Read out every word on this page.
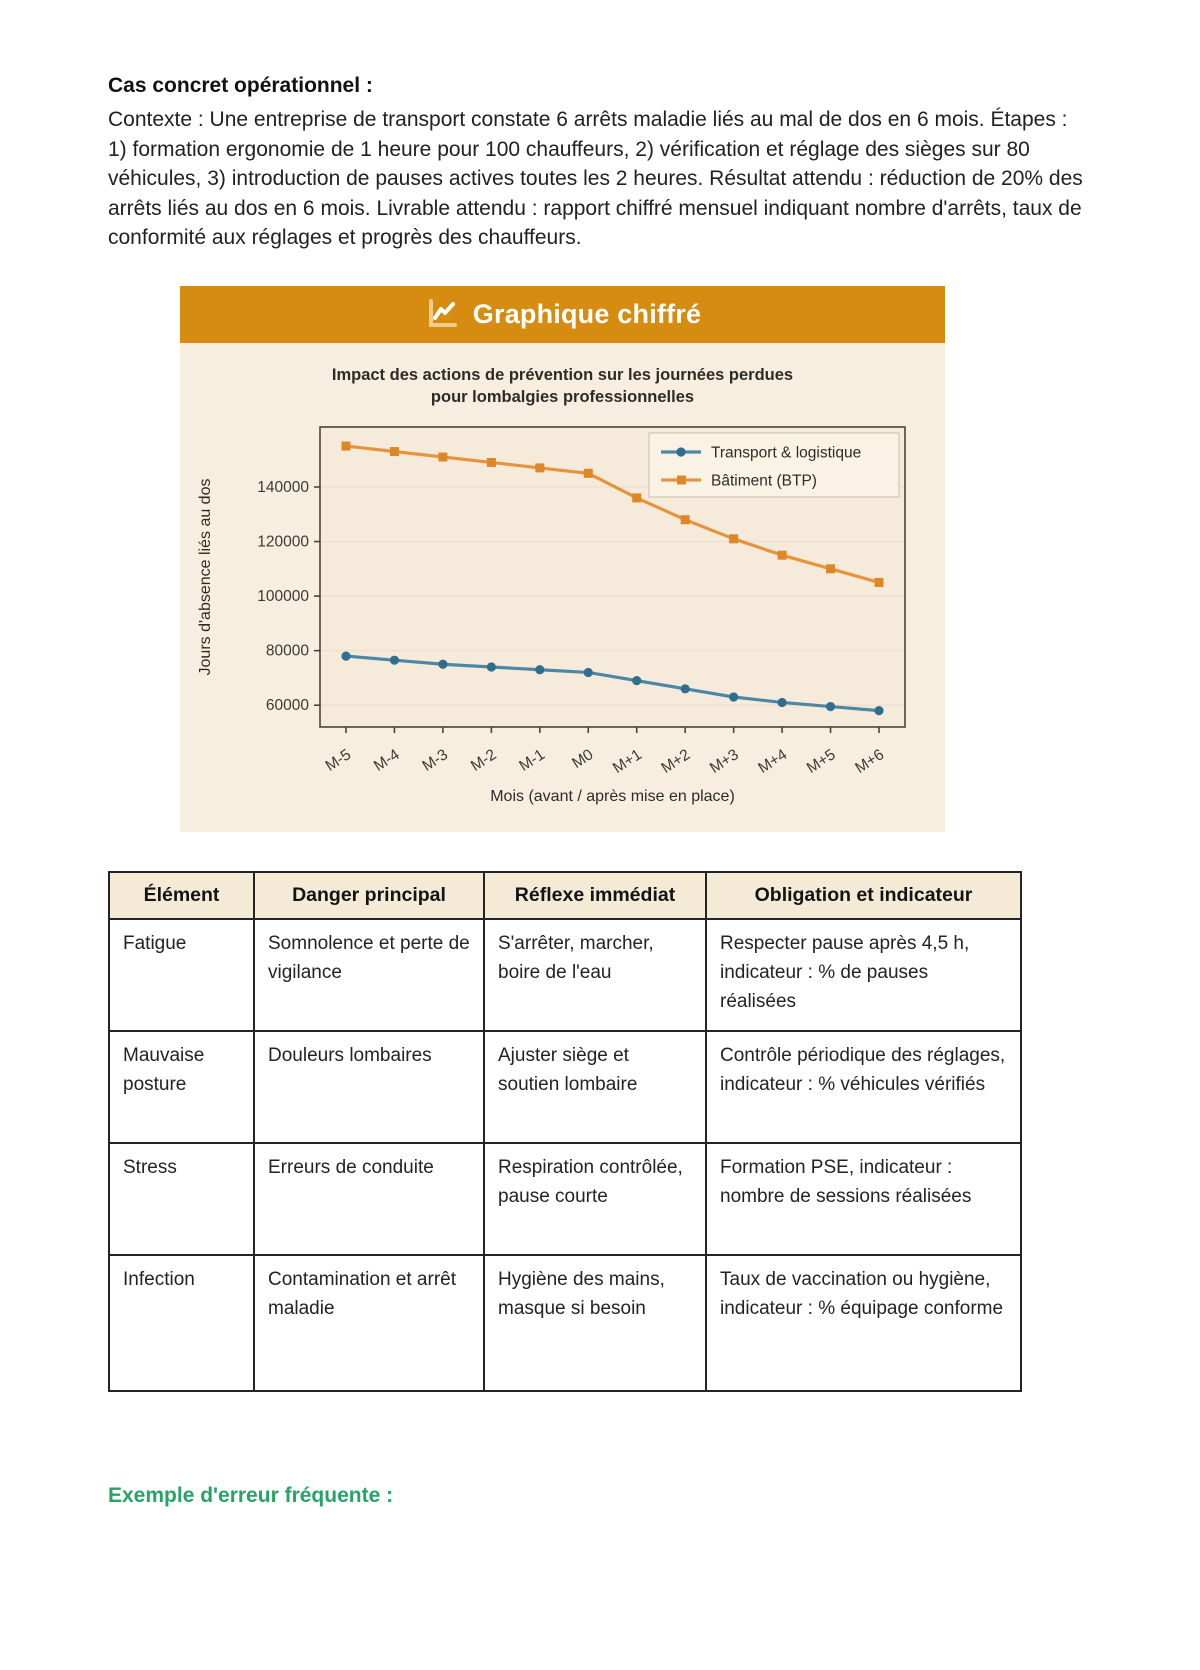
Cas concret opérationnel :

Contexte : Une entreprise de transport constate 6 arrêts maladie liés au mal de dos en 6 mois. Étapes : 1) formation ergonomie de 1 heure pour 100 chauffeurs, 2) vérification et réglage des sièges sur 80 véhicules, 3) introduction de pauses actives toutes les 2 heures. Résultat attendu : réduction de 20% des arrêts liés au dos en 6 mois. Livrable attendu : rapport chiffré mensuel indiquant nombre d'arrêts, taux de conformité aux réglages et progrès des chauffeurs.

Graphique chiffré
Impact des actions de prévention sur les journées perdues
pour lombalgies professionnelles
60000
80000
100000
120000
140000
M-5 M-4 M-3 M-2 M-1 M0 M+1 M+2 M+3 M+4 M+5 M+6
Mois (avant / après mise en place)
Jours d'absence liés au dos
Transport & logistique
Bâtiment (BTP)
Élément	Danger principal	Réflexe immédiat	Obligation et indicateur
Fatigue	Somnolence et perte de vigilance	S'arrêter, marcher, boire de l'eau	Respecter pause après 4,5 h, indicateur : % de pauses réalisées
Mauvaise posture	Douleurs lombaires	Ajuster siège et soutien lombaire	Contrôle périodique des réglages, indicateur : % véhicules vérifiés
Stress	Erreurs de conduite	Respiration contrôlée, pause courte	Formation PSE, indicateur : nombre de sessions réalisées
Infection	Contamination et arrêt maladie	Hygiène des mains, masque si besoin	Taux de vaccination ou hygiène, indicateur : % équipage conforme
Exemple d'erreur fréquente :
